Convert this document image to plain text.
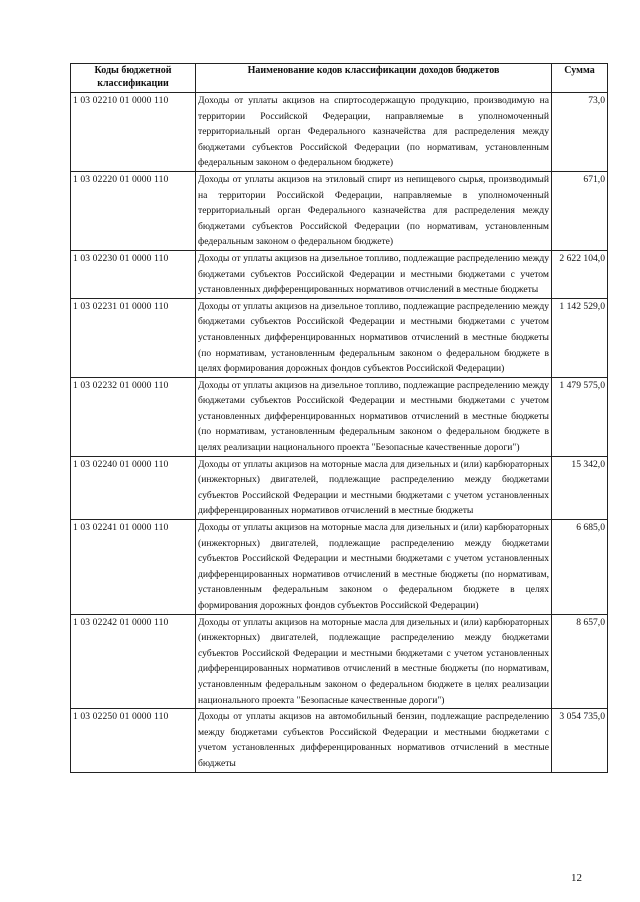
Коды бюджетной классификации	Наименование кодов классификации доходов бюджетов	Сумма
1 03 02210 01 0000 110	Доходы от уплаты акцизов на спиртосодержащую продукцию, производимую на территории Российской Федерации, направляемые в уполномоченный территориальный орган Федерального казначейства для распределения между бюджетами субъектов Российской Федерации (по нормативам, установленным федеральным законом о федеральном бюджете)	73,0
1 03 02220 01 0000 110	Доходы от уплаты акцизов на этиловый спирт из непищевого сырья, производимый на территории Российской Федерации, направляемые в уполномоченный территориальный орган Федерального казначейства для распределения между бюджетами субъектов Российской Федерации (по нормативам, установленным федеральным законом о федеральном бюджете)	671,0
1 03 02230 01 0000 110	Доходы от уплаты акцизов на дизельное топливо, подлежащие распределению между бюджетами субъектов Российской Федерации и местными бюджетами с учетом установленных дифференцированных нормативов отчислений в местные бюджеты	2 622 104,0
1 03 02231 01 0000 110	Доходы от уплаты акцизов на дизельное топливо, подлежащие распределению между бюджетами субъектов Российской Федерации и местными бюджетами с учетом установленных дифференцированных нормативов отчислений в местные бюджеты (по нормативам, установленным федеральным законом о федеральном бюджете в целях формирования дорожных фондов субъектов Российской Федерации)	1 142 529,0
1 03 02232 01 0000 110	Доходы от уплаты акцизов на дизельное топливо, подлежащие распределению между бюджетами субъектов Российской Федерации и местными бюджетами с учетом установленных дифференцированных нормативов отчислений в местные бюджеты (по нормативам, установленным федеральным законом о федеральном бюджете в целях реализации национального проекта "Безопасные качественные дороги")	1 479 575,0
1 03 02240 01 0000 110	Доходы от уплаты акцизов на моторные масла для дизельных и (или) карбюраторных (инжекторных) двигателей, подлежащие распределению между бюджетами субъектов Российской Федерации и местными бюджетами с учетом установленных дифференцированных нормативов отчислений в местные бюджеты	15 342,0
1 03 02241 01 0000 110	Доходы от уплаты акцизов на моторные масла для дизельных и (или) карбюраторных (инжекторных) двигателей, подлежащие распределению между бюджетами субъектов Российской Федерации и местными бюджетами с учетом установленных дифференцированных нормативов отчислений в местные бюджеты (по нормативам, установленным федеральным законом о федеральном бюджете в целях формирования дорожных фондов субъектов Российской Федерации)	6 685,0
1 03 02242 01 0000 110	Доходы от уплаты акцизов на моторные масла для дизельных и (или) карбюраторных (инжекторных) двигателей, подлежащие распределению между бюджетами субъектов Российской Федерации и местными бюджетами с учетом установленных дифференцированных нормативов отчислений в местные бюджеты (по нормативам, установленным федеральным законом о федеральном бюджете в целях реализации национального проекта "Безопасные качественные дороги")	8 657,0
1 03 02250 01 0000 110	Доходы от уплаты акцизов на автомобильный бензин, подлежащие распределению между бюджетами субъектов Российской Федерации и местными бюджетами с учетом установленных дифференцированных нормативов отчислений в местные бюджеты	3 054 735,0
12
